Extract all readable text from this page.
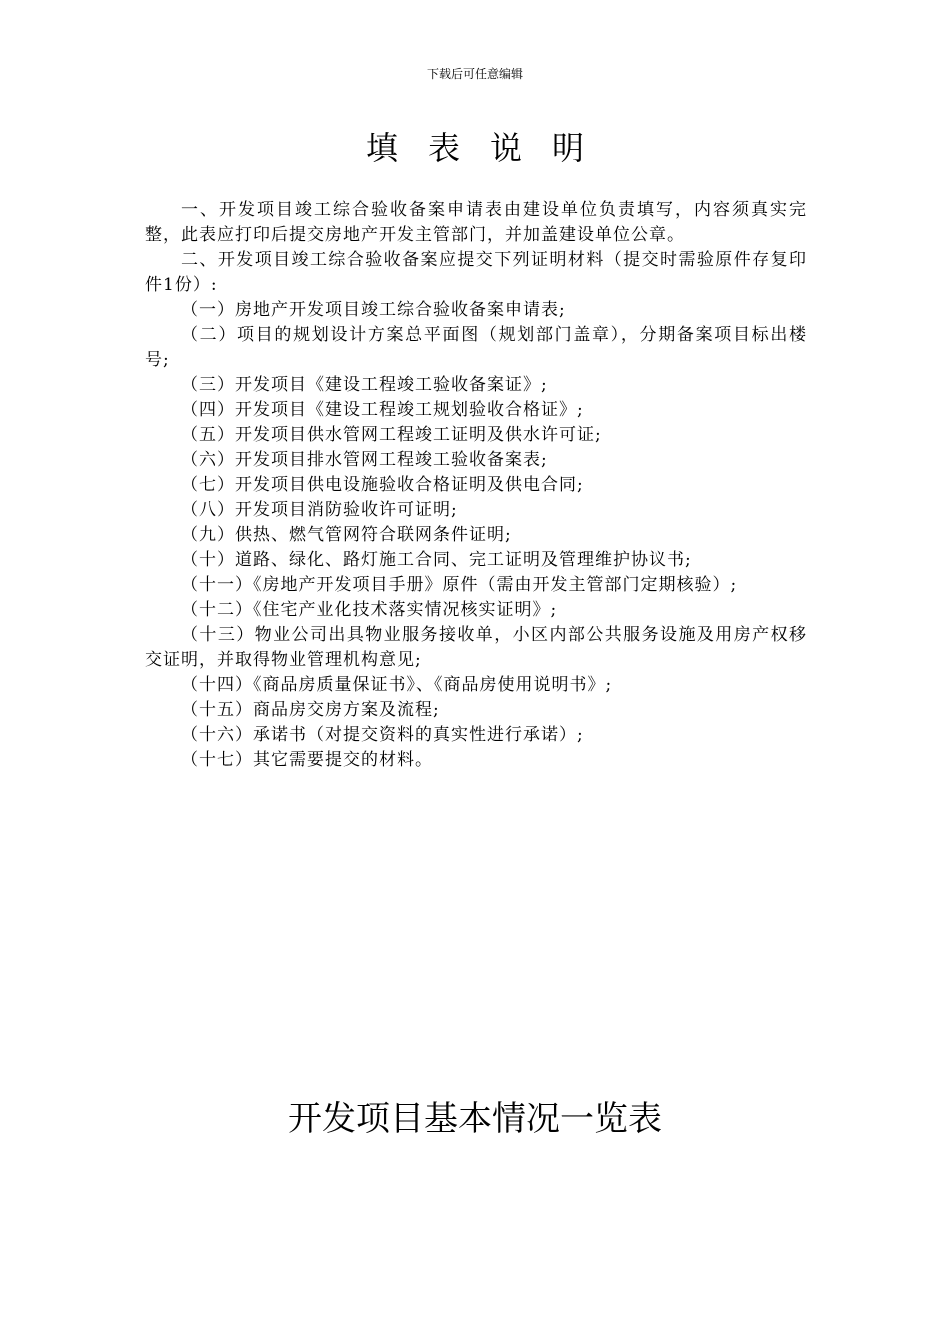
下载后可任意编辑
填表说明

一、开发项目竣工综合验收备案申请表由建设单位负责填写，内容须真实完整，此表应打印后提交房地产开发主管部门，并加盖建设单位公章。

二、开发项目竣工综合验收备案应提交下列证明材料（提交时需验原件存复印件1份）:

（一）房地产开发项目竣工综合验收备案申请表;

（二）项目的规划设计方案总平面图（规划部门盖章），分期备案项目标出楼号;

（三）开发项目《建设工程竣工验收备案证》;

（四）开发项目《建设工程竣工规划验收合格证》;

（五）开发项目供水管网工程竣工证明及供水许可证;

（六）开发项目排水管网工程竣工验收备案表;

（七）开发项目供电设施验收合格证明及供电合同;

（八）开发项目消防验收许可证明;

（九）供热、燃气管网符合联网条件证明;

（十）道路、绿化、路灯施工合同、完工证明及管理维护协议书;

（十一）《房地产开发项目手册》原件（需由开发主管部门定期核验）;

（十二）《住宅产业化技术落实情况核实证明》;

（十三）物业公司出具物业服务接收单，小区内部公共服务设施及用房产权移交证明，并取得物业管理机构意见;

（十四）《商品房质量保证书》、《商品房使用说明书》;

（十五）商品房交房方案及流程;

（十六）承诺书（对提交资料的真实性进行承诺）;

（十七）其它需要提交的材料。

开发项目基本情况一览表
